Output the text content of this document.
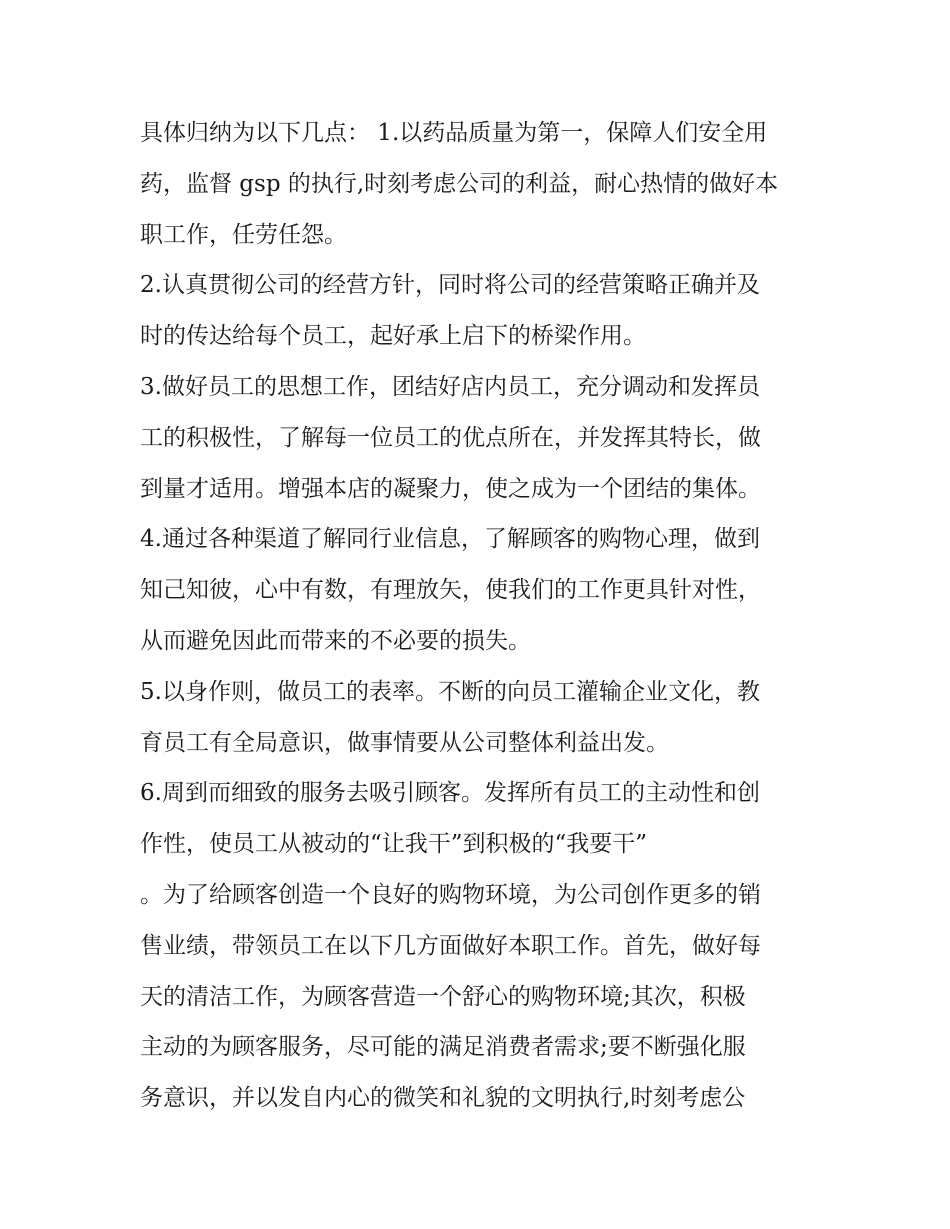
具体归纳为以下几点： 1.以药品质量为第一，保障人们安全用
药，监督 gsp 的执行,时刻考虑公司的利益，耐心热情的做好本
职工作，任劳任怨。
2.认真贯彻公司的经营方针，同时将公司的经营策略正确并及
时的传达给每个员工，起好承上启下的桥梁作用。
3.做好员工的思想工作，团结好店内员工，充分调动和发挥员
工的积极性，了解每一位员工的优点所在，并发挥其特长，做
到量才适用。增强本店的凝聚力，使之成为一个团结的集体。
4.通过各种渠道了解同行业信息，了解顾客的购物心理，做到
知己知彼，心中有数，有理放矢，使我们的工作更具针对性，
从而避免因此而带来的不必要的损失。
5.以身作则，做员工的表率。不断的向员工灌输企业文化，教
育员工有全局意识，做事情要从公司整体利益出发。
6.周到而细致的服务去吸引顾客。发挥所有员工的主动性和创
作性，使员工从被动的“让我干”到积极的“我要干”
。为了给顾客创造一个良好的购物环境，为公司创作更多的销
售业绩，带领员工在以下几方面做好本职工作。首先，做好每
天的清洁工作，为顾客营造一个舒心的购物环境;其次，积极
主动的为顾客服务，尽可能的满足消费者需求;要不断强化服
务意识，并以发自内心的微笑和礼貌的文明执行,时刻考虑公
